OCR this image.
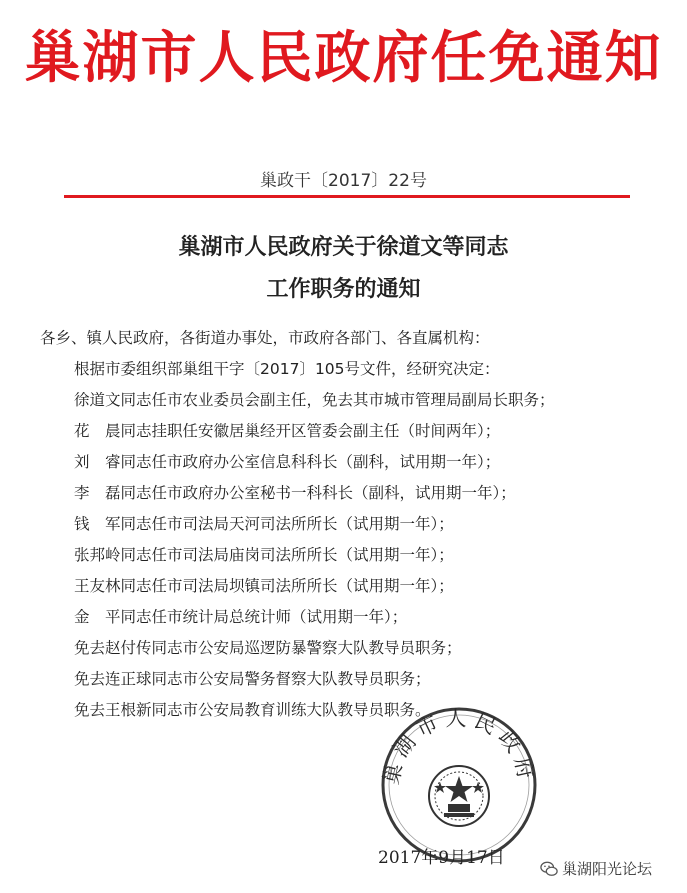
巢湖市人民政府任免通知
巢政干〔2017〕22号
巢湖市人民政府关于徐道文等同志
工作职务的通知
各乡、镇人民政府，各街道办事处，市政府各部门、各直属机构：
根据市委组织部巢组干字〔2017〕105号文件，经研究决定：
徐道文同志任市农业委员会副主任，免去其市城市管理局副局长职务；
花　晨同志挂职任安徽居巢经开区管委会副主任（时间两年）；
刘　睿同志任市政府办公室信息科科长（副科，试用期一年）；
李　磊同志任市政府办公室秘书一科科长（副科，试用期一年）；
钱　军同志任市司法局天河司法所所长（试用期一年）；
张邦岭同志任市司法局庙岗司法所所长（试用期一年）；
王友林同志任市司法局坝镇司法所所长（试用期一年）；
金　平同志任市统计局总统计师（试用期一年）；
免去赵付传同志市公安局巡逻防暴警察大队教导员职务；
免去连正球同志市公安局警务督察大队教导员职务；
免去王根新同志市公安局教育训练大队教导员职务。
巢湖市人民政府
2017年9月17日
巢湖阳光论坛
